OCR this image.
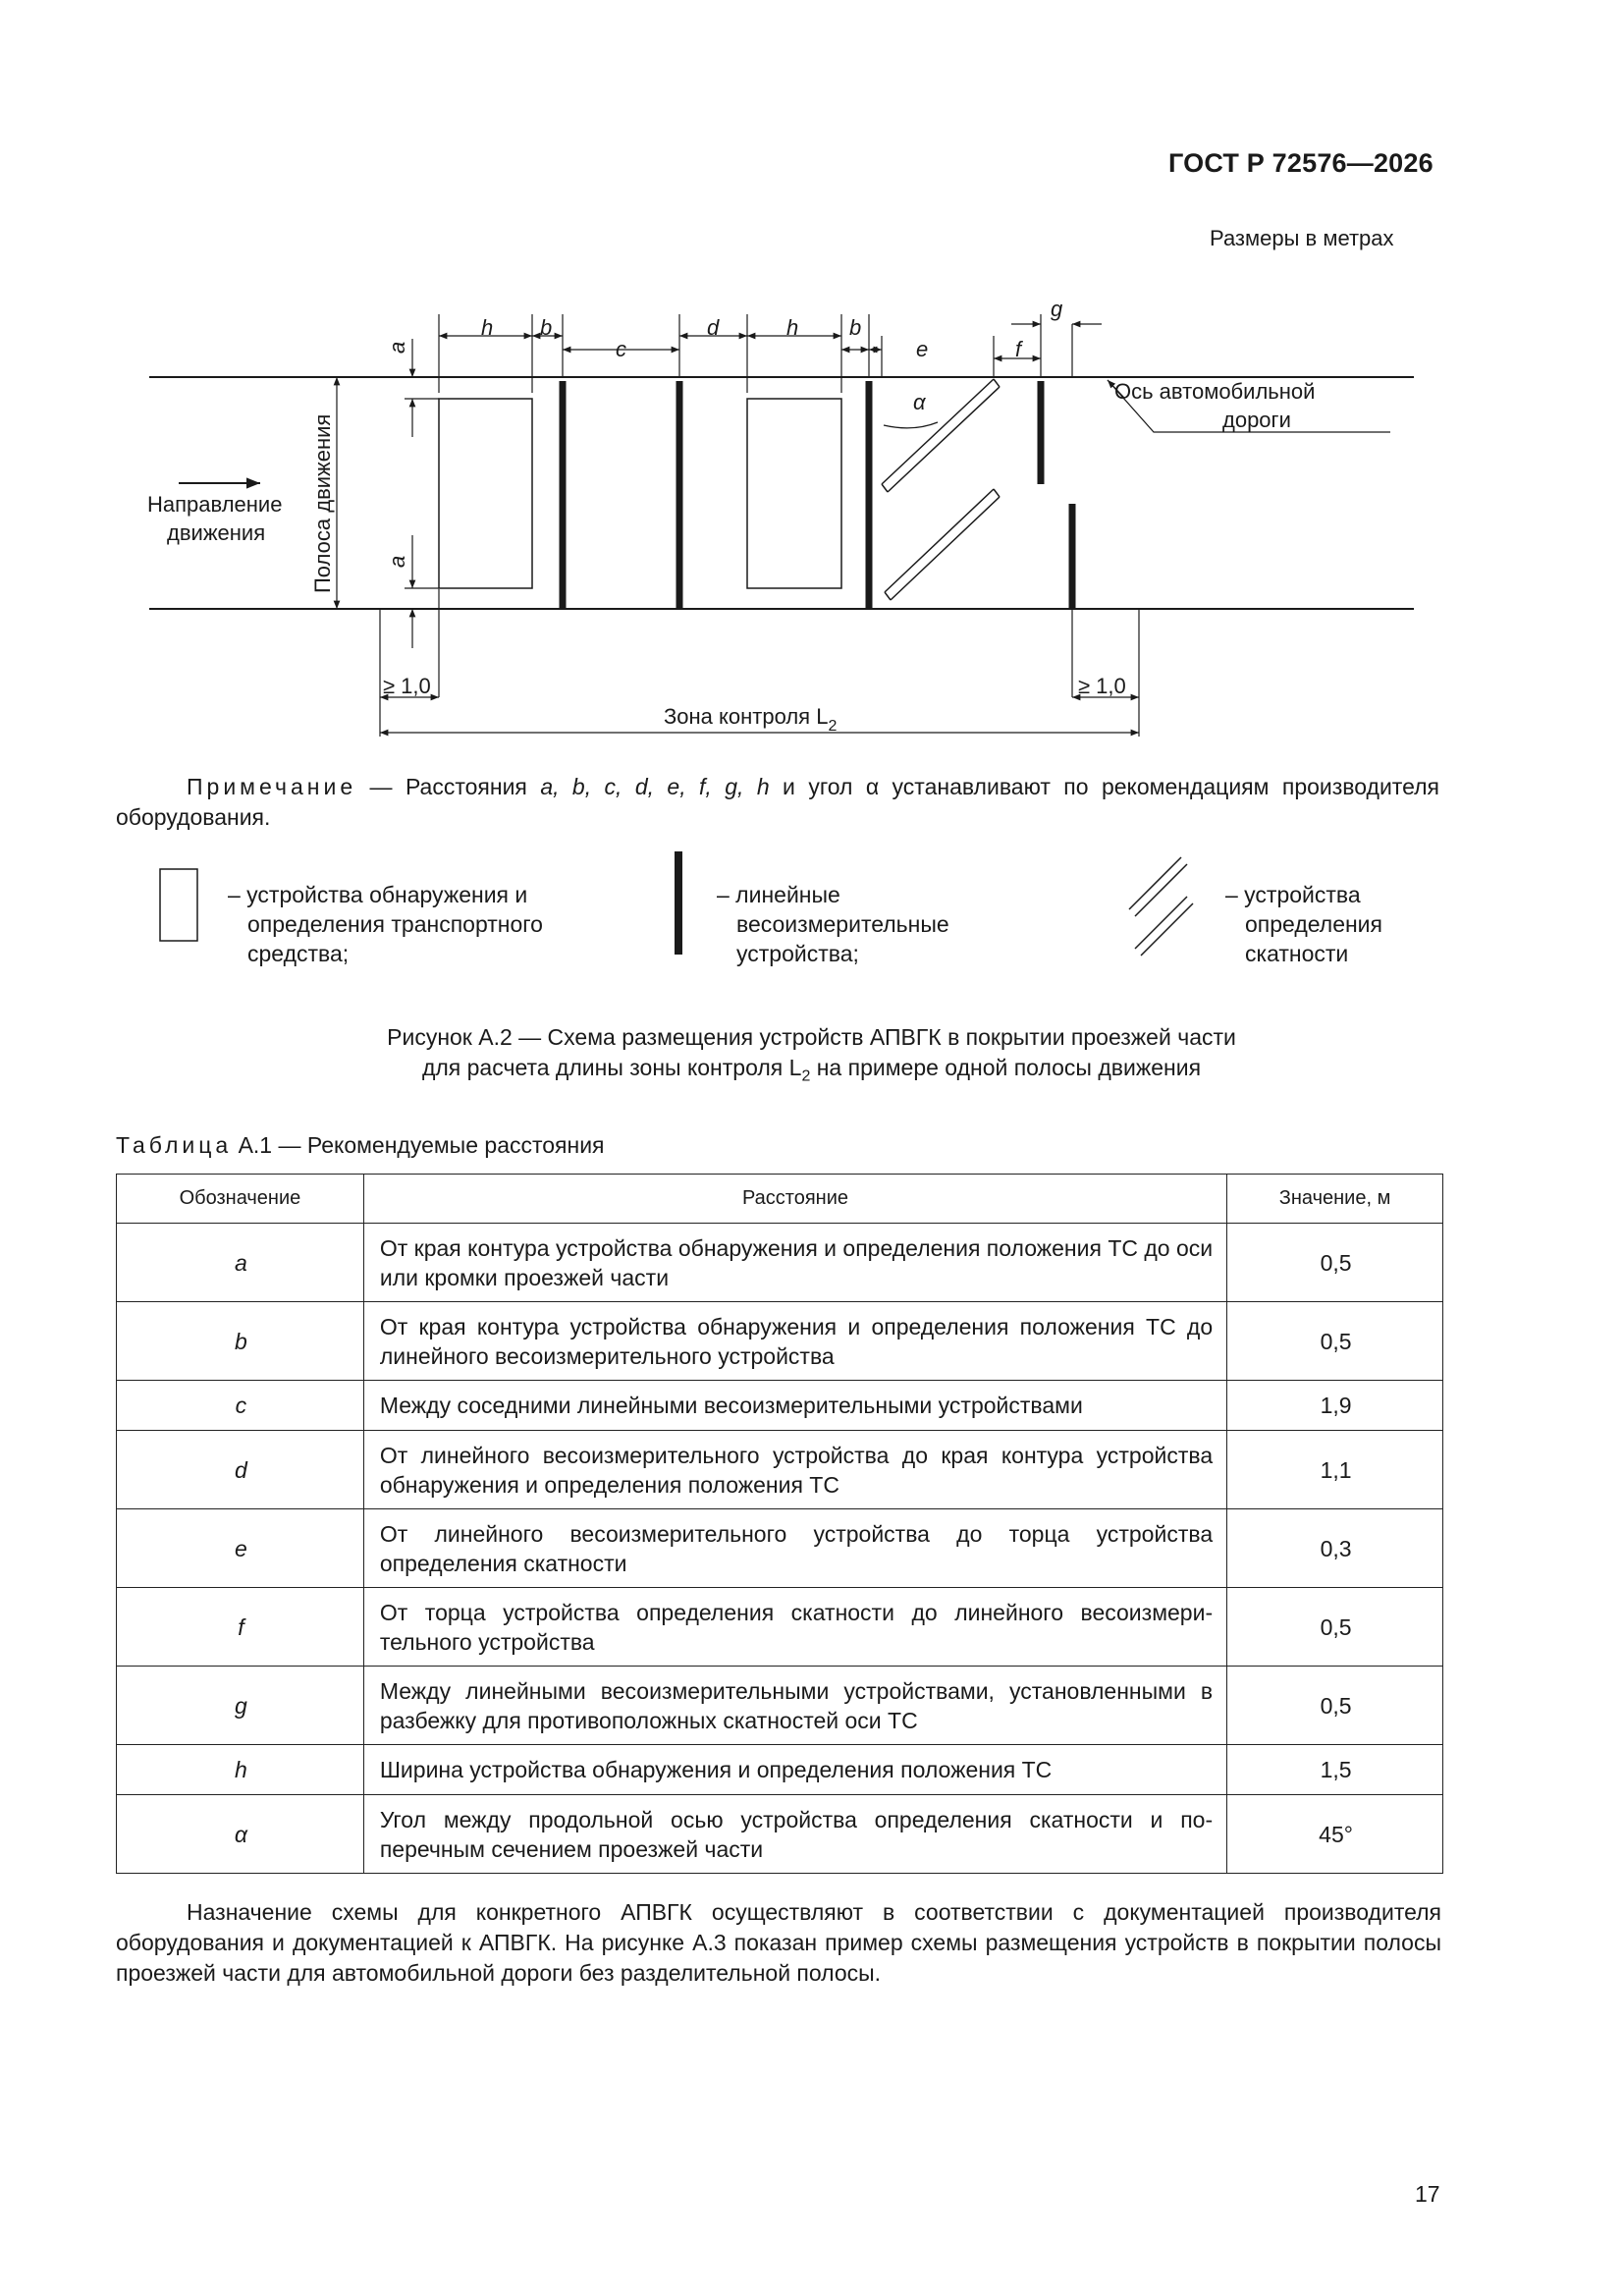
ГОСТ Р 72576—2026
Размеры в метрах
a
a
h b
c
d	h b
e	f
g
α	Ось автомобильной
дороги
Полоса движения
Направление
движения
≥ 1,0	≥ 1,0
Зона контроля $L_2$
Примечание — Расстояния a, b, c, d, e, f, g, h и угол α устанавливают по рекомендациям производителя оборудования.
– устройства обнаружения и
определения транспортного
средства;
– линейные
весоизмерительные
устройства;
– устройства
определения
скатности
Рисунок А.2 — Схема размещения устройств АПВГК в покрытии проезжей части
для расчета длины зоны контроля $L_2$ на примере одной полосы движения
Таблица А.1 — Рекомендуемые расстояния
Обозначение	Расстояние	Значение, м
a	От края контура устройства обнаружения и определения положения ТС до оси или кромки проезжей части	0,5
b	От края контура устройства обнаружения и определения положения ТС до линейного весоизмерительного устройства	0,5
c	Между соседними линейными весоизмерительными устройствами	1,9
d	От линейного весоизмерительного устройства до края контура устройства обнаружения и определения положения ТС	1,1
e	От линейного весоизмерительного устройства до торца устройства определения скатности	0,3
f	От торца устройства определения скатности до линейного весоизмерительного устройства	0,5
g	Между линейными весоизмерительными устройствами, установленными в разбежку для противоположных скатностей оси ТС	0,5
h	Ширина устройства обнаружения и определения положения ТС	1,5
α	Угол между продольной осью устройства определения скатности и поперечным сечением проезжей части	45°
Назначение схемы для конкретного АПВГК осуществляют в соответствии с документацией производителя оборудования и документацией к АПВГК. На рисунке А.3 показан пример схемы размещения устройств в покрытии полосы проезжей части для автомобильной дороги без разделительной полосы.
17
